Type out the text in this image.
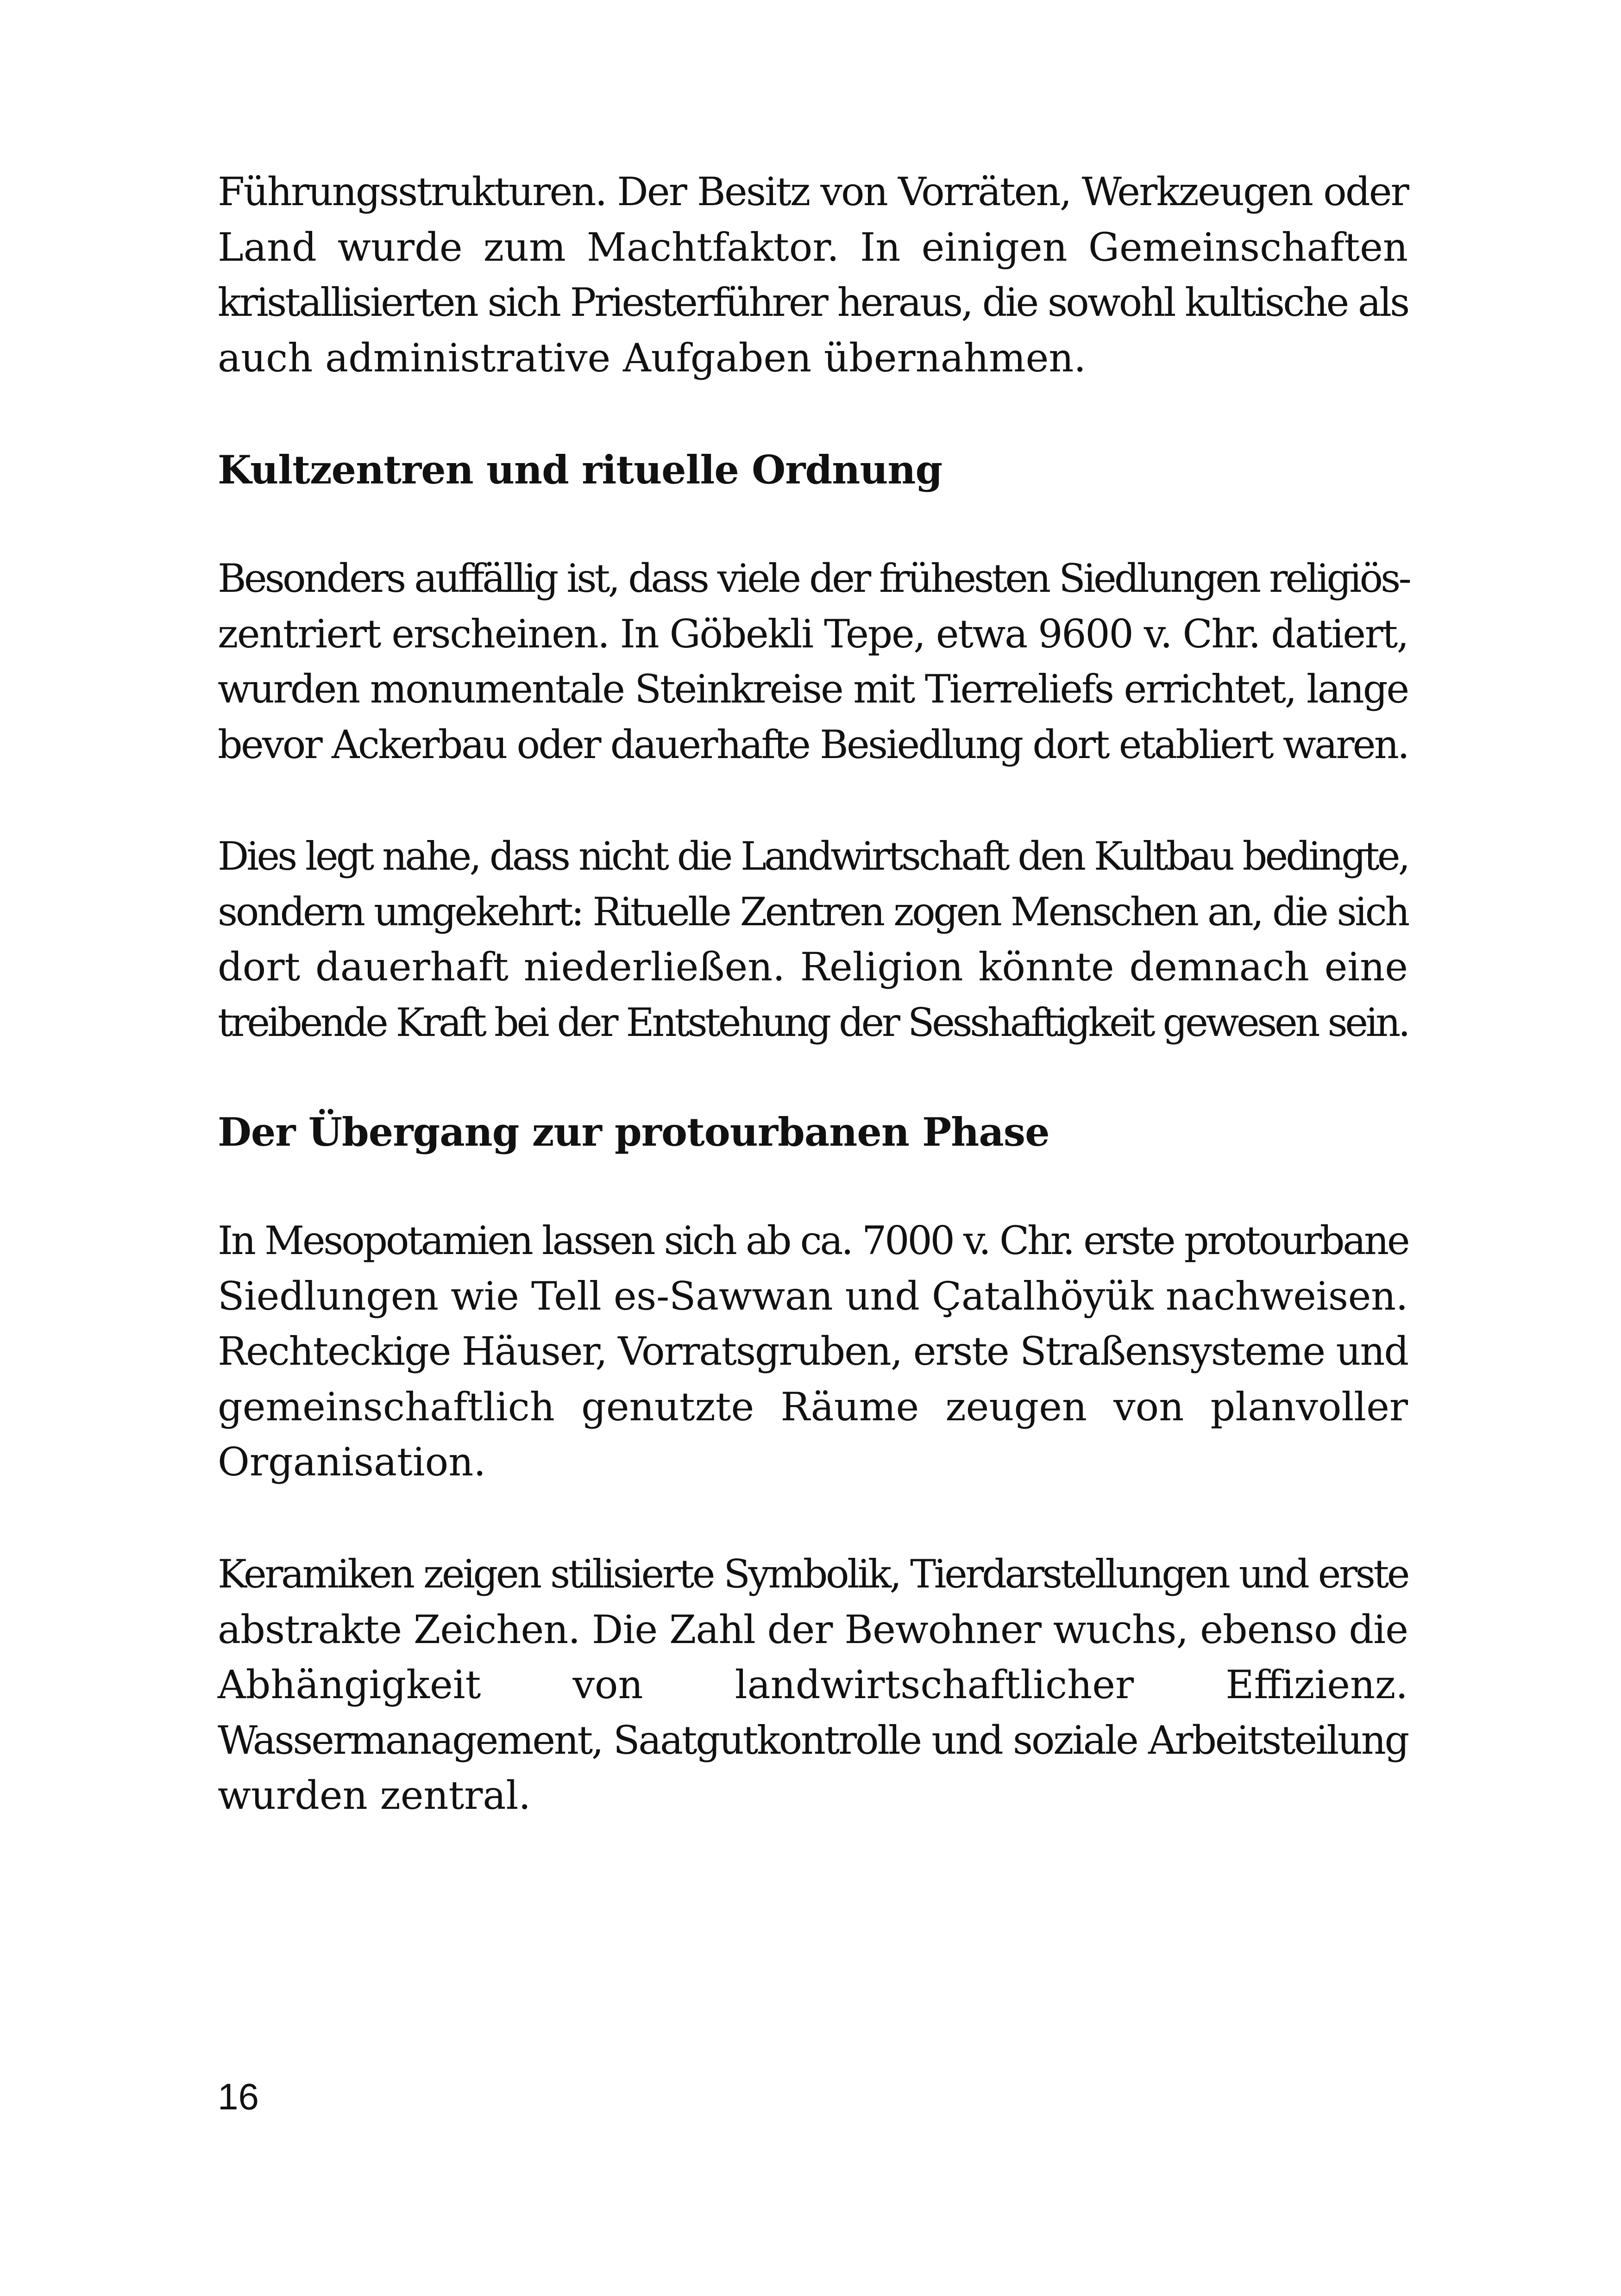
Führungsstrukturen. Der Besitz von Vorräten, Werkzeugen oder
Land wurde zum Machtfaktor. In einigen Gemeinschaften
kristallisierten sich Priesterführer heraus, die sowohl kultische als
auch administrative Aufgaben übernahmen.
Kultzentren und rituelle Ordnung
Besonders auffällig ist, dass viele der frühesten Siedlungen religiös-
zentriert erscheinen. In Göbekli Tepe, etwa 9600 v. Chr. datiert,
wurden monumentale Steinkreise mit Tierreliefs errichtet, lange
bevor Ackerbau oder dauerhafte Besiedlung dort etabliert waren.
Dies legt nahe, dass nicht die Landwirtschaft den Kultbau bedingte,
sondern umgekehrt: Rituelle Zentren zogen Menschen an, die sich
dort dauerhaft niederließen. Religion könnte demnach eine
treibende Kraft bei der Entstehung der Sesshaftigkeit gewesen sein.
Der Übergang zur protourbanen Phase
In Mesopotamien lassen sich ab ca. 7000 v. Chr. erste protourbane
Siedlungen wie Tell es-Sawwan und Çatalhöyük nachweisen.
Rechteckige Häuser, Vorratsgruben, erste Straßensysteme und
gemeinschaftlich genutzte Räume zeugen von planvoller
Organisation.
Keramiken zeigen stilisierte Symbolik, Tierdarstellungen und erste
abstrakte Zeichen. Die Zahl der Bewohner wuchs, ebenso die
Abhängigkeit von landwirtschaftlicher Effizienz.
Wassermanagement, Saatgutkontrolle und soziale Arbeitsteilung
wurden zentral.
16
